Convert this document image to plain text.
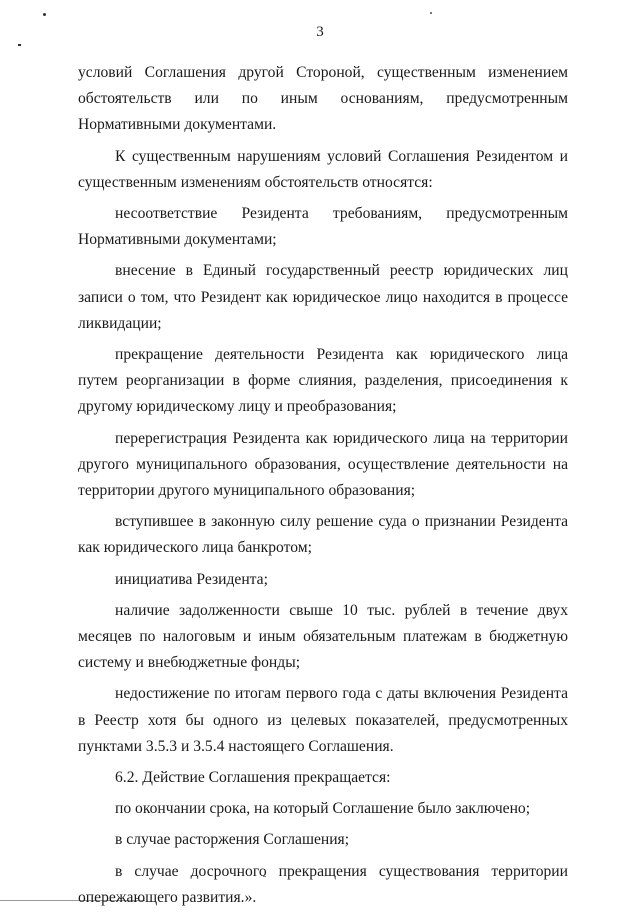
3

условий Соглашения другой Стороной, существенным изменением обстоятельств или по иным основаниям, предусмотренным Нормативными документами.

К существенным нарушениям условий Соглашения Резидентом и существенным изменениям обстоятельств относятся:

несоответствие Резидента требованиям, предусмотренным Нормативными документами;

внесение в Единый государственный реестр юридических лиц записи о том, что Резидент как юридическое лицо находится в процессе ликвидации;

прекращение деятельности Резидента как юридического лица путем реорганизации в форме слияния, разделения, присоединения к другому юридическому лицу и преобразования;

перерегистрация Резидента как юридического лица на территории другого муниципального образования, осуществление деятельности на территории другого муниципального образования;

вступившее в законную силу решение суда о признании Резидента как юридического лица банкротом;

инициатива Резидента;

наличие задолженности свыше 10 тыс. рублей в течение двух месяцев по налоговым и иным обязательным платежам в бюджетную систему и внебюджетные фонды;

недостижение по итогам первого года с даты включения Резидента в Реестр хотя бы одного из целевых показателей, предусмотренных пунктами 3.5.3 и 3.5.4 настоящего Соглашения.

6.2. Действие Соглашения прекращается:

по окончании срока, на который Соглашение было заключено;

в случае расторжения Соглашения;

в случае досрочного прекращения существования территории опережающего развития.».
